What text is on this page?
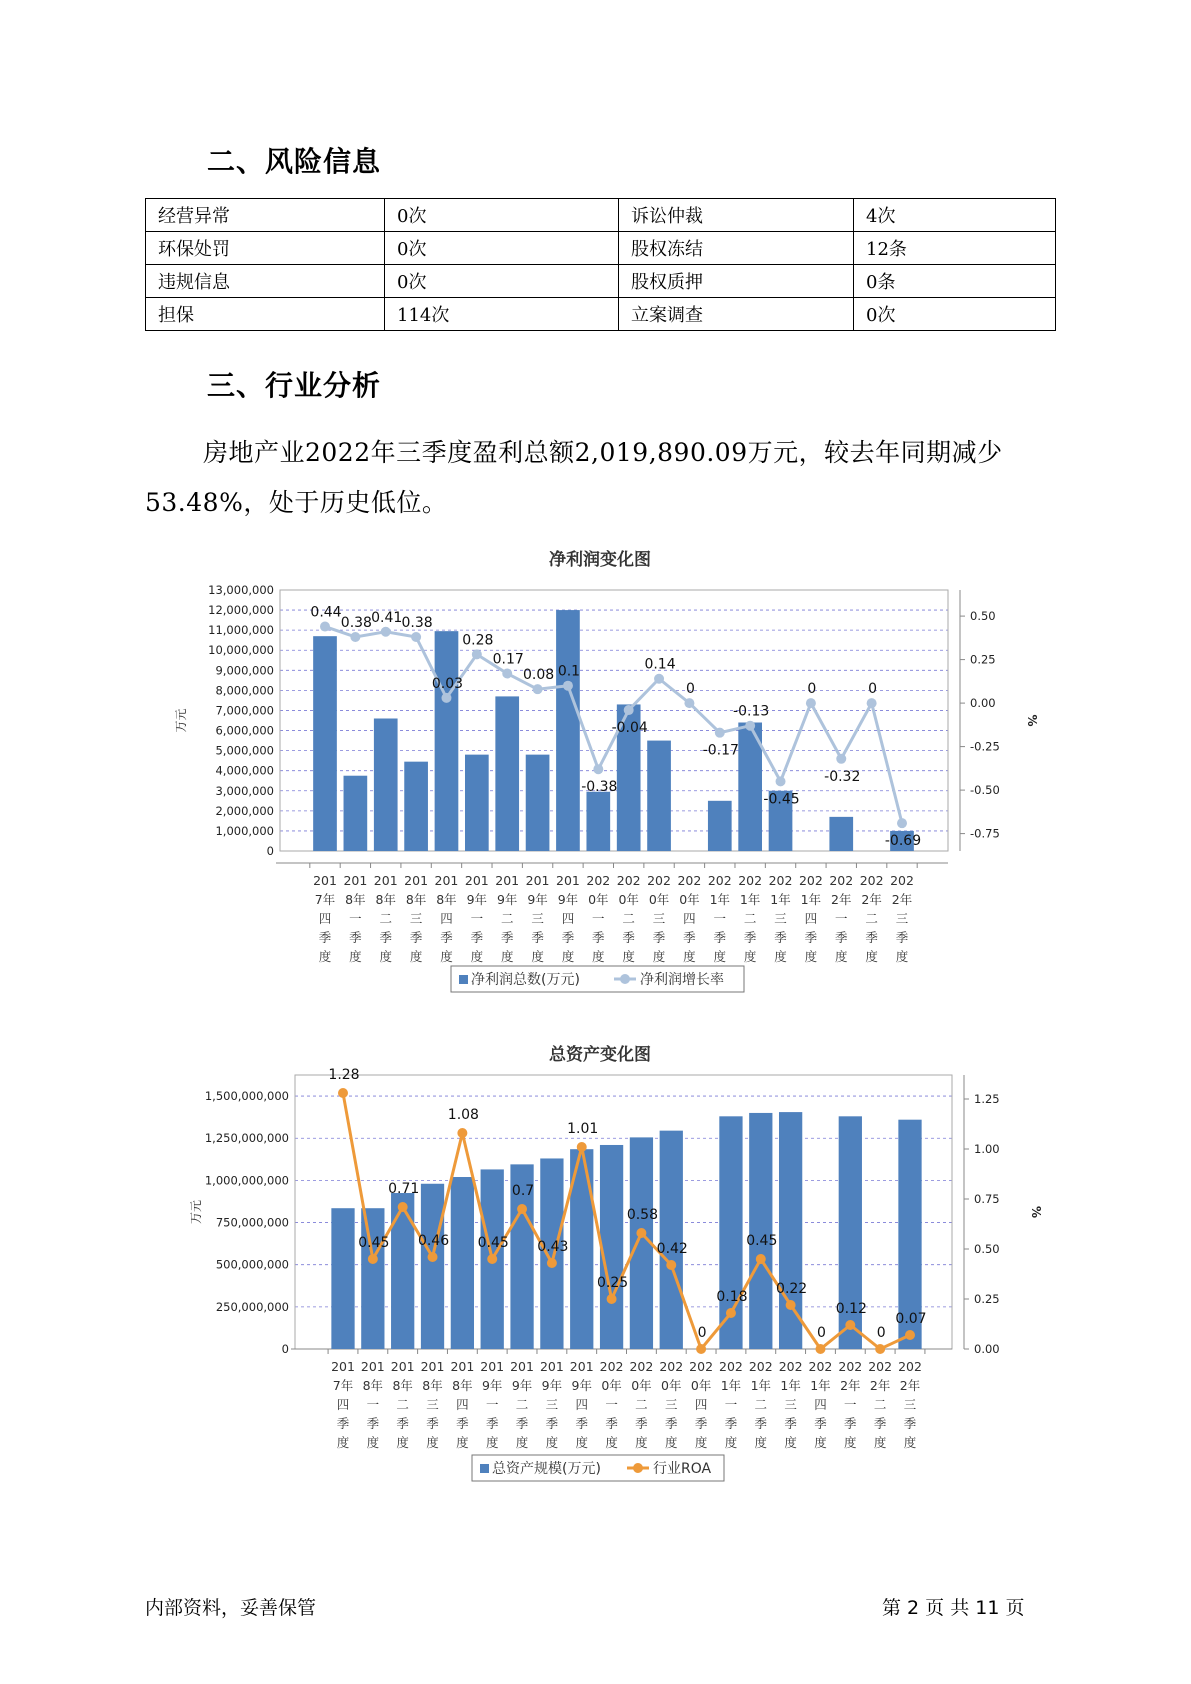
二、风险信息
经营异常	0次	诉讼仲裁	4次
环保处罚	0次	股权冻结	12条
违规信息	0次	股权质押	0条
担保	114次	立案调查	0次
三、行业分析
房地产业2022年三季度盈利总额2,019,890.09万元，较去年同期减少53.48%，处于历史低位。
净利润变化图
0
1,000,000
2,000,000
3,000,000
4,000,000
5,000,000
6,000,000
7,000,000
8,000,000
9,000,000
10,000,000
11,000,000
12,000,000
13,000,000
-0.75
-0.50
-0.25
0.00
0.25
0.50
万元	%
0.44
0.38 0.41 0.38
0.03
0.28
0.17
0.08 0.1
-0.38
-0.04
0.14
0
-0.17
-0.13
-0.45
0
-0.32
0
-0.69
201 7年四季度
201 8年一季度
201 8年二季度
201 8年三季度
201 8年四季度
201 9年一季度
201 9年二季度
201 9年三季度
201 9年四季度
202 0年一季度
202 0年二季度
202 0年三季度
202 0年四季度
202 1年一季度
202 1年二季度
202 1年三季度
202 1年四季度
202 2年一季度
202 2年二季度
202 2年三季度
净利润总数(万元)	净利润增长率
总资产变化图
0
250,000,000
500,000,000
750,000,000
1,000,000,000
1,250,000,000
1,500,000,000
0.00
0.25
0.50
0.75
1.00
1.25
万元	%
1.28
0.45
0.71
0.46
1.08
0.45
0.7
0.43
1.01
0.25
0.58
0.42
0
0.18
0.45
0.22
0
0.12
0
0.07
201 7年四季度
201 8年一季度
201 8年二季度
201 8年三季度
201 8年四季度
201 9年一季度
201 9年二季度
201 9年三季度
201 9年四季度
202 0年一季度
202 0年二季度
202 0年三季度
202 0年四季度
202 1年一季度
202 1年二季度
202 1年三季度
202 1年四季度
202 2年一季度
202 2年二季度
202 2年三季度
总资产规模(万元)	行业ROA
内部资料，妥善保管	第 2 页 共 11 页
